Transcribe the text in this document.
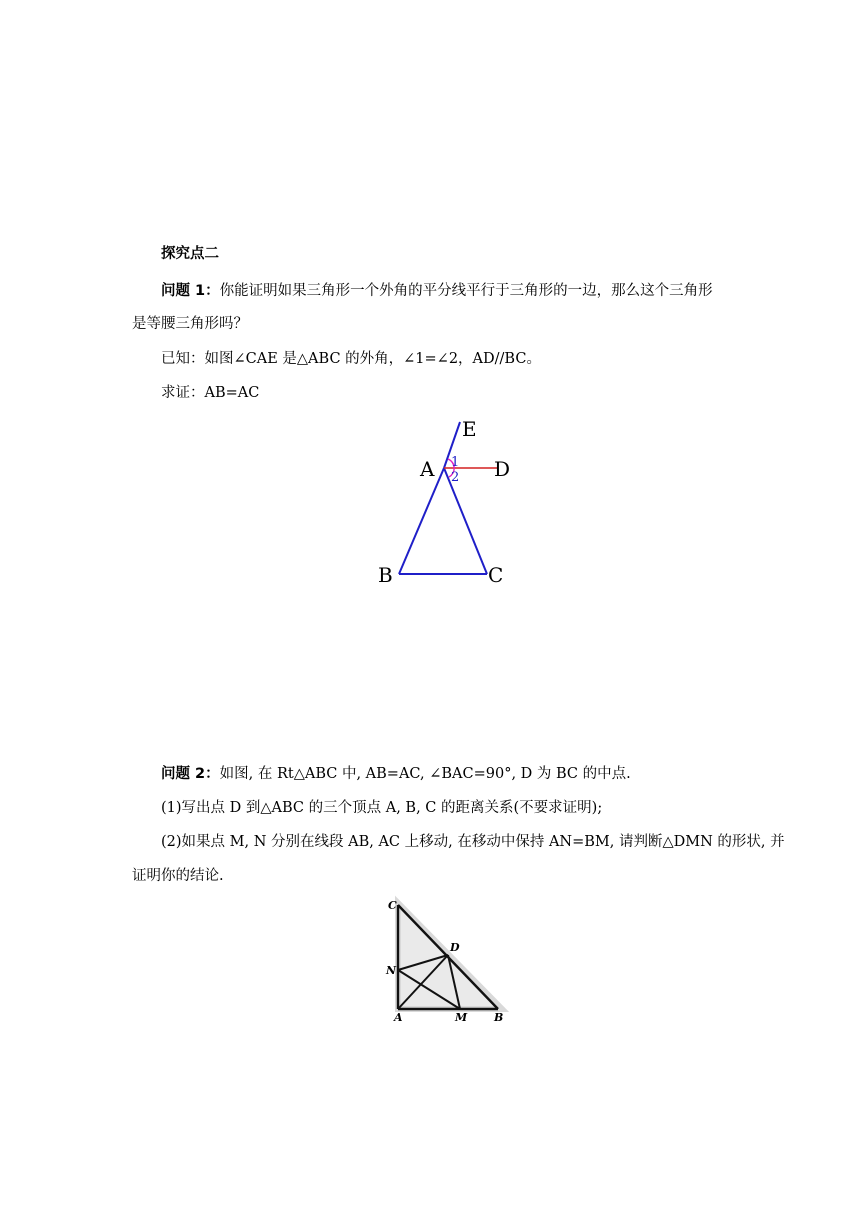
探究点二
问题 1：你能证明如果三角形一个外角的平分线平行于三角形的一边，那么这个三角形
是等腰三角形吗？
已知：如图∠CAE 是△ABC 的外角，∠1=∠2，AD//BC。
求证：AB=AC
E
A	D
B	C
1
2
问题 2：如图, 在 Rt△ABC 中, AB=AC, ∠BAC=90°, D 为 BC 的中点.
(1)写出点 D 到△ABC 的三个顶点 A, B, C 的距离关系(不要求证明);
(2)如果点 M, N 分别在线段 AB, AC 上移动, 在移动中保持 AN=BM, 请判断△DMN 的形状, 并
证明你的结论.
C
D
N
A	M B
